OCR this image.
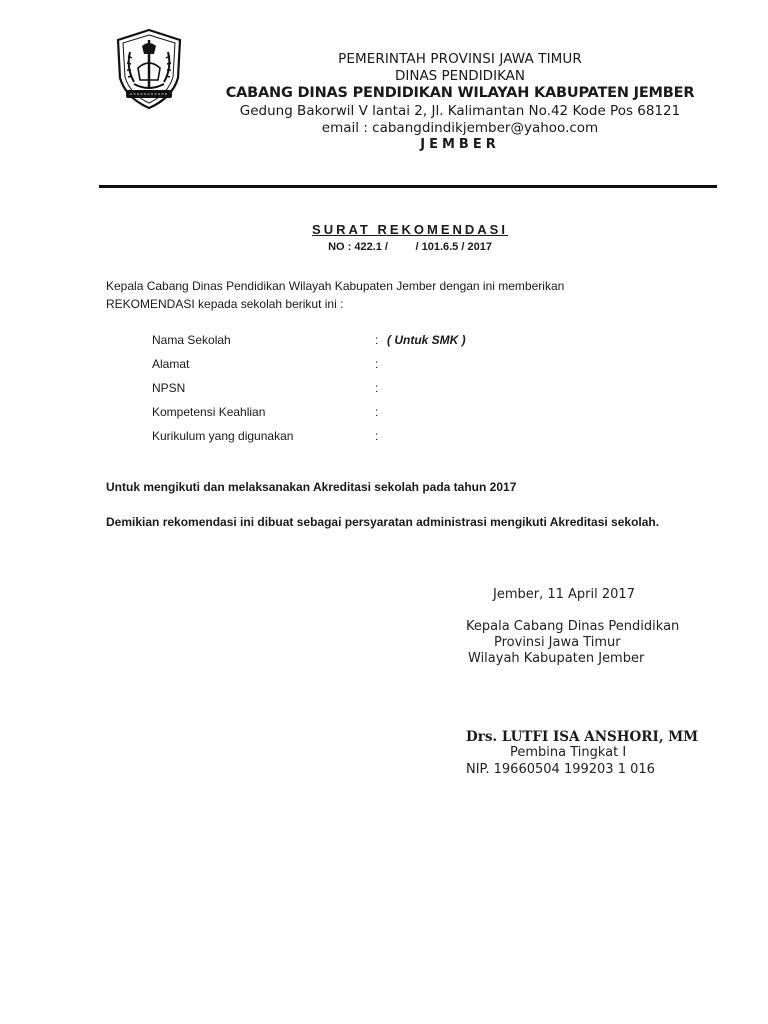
PEMERINTAH PROVINSI JAWA TIMUR
DINAS PENDIDIKAN
CABANG DINAS PENDIDIKAN WILAYAH KABUPATEN JEMBER
Gedung Bakorwil V lantai 2, Jl. Kalimantan No.42 Kode Pos 68121
email : cabangdindikjember@yahoo.com
JEMBER
SURAT REKOMENDASI
NO : 422.1 /         / 101.6.5 / 2017
Kepala Cabang Dinas Pendidikan Wilayah Kabupaten Jember dengan ini memberikan
REKOMENDASI kepada sekolah berikut ini :
Nama Sekolah	: ( Untuk SMK )
Alamat	:
NPSN	:
Kompetensi Keahlian	:
Kurikulum yang digunakan	:
Untuk mengikuti dan melaksanakan Akreditasi sekolah pada tahun 2017
Demikian rekomendasi ini dibuat sebagai persyaratan administrasi mengikuti Akreditasi sekolah.
Jember, 11 April 2017
Kepala Cabang Dinas Pendidikan
Provinsi Jawa Timur
Wilayah Kabupaten Jember
Drs. LUTFI ISA ANSHORI, MM
Pembina Tingkat I
NIP. 19660504 199203 1 016
